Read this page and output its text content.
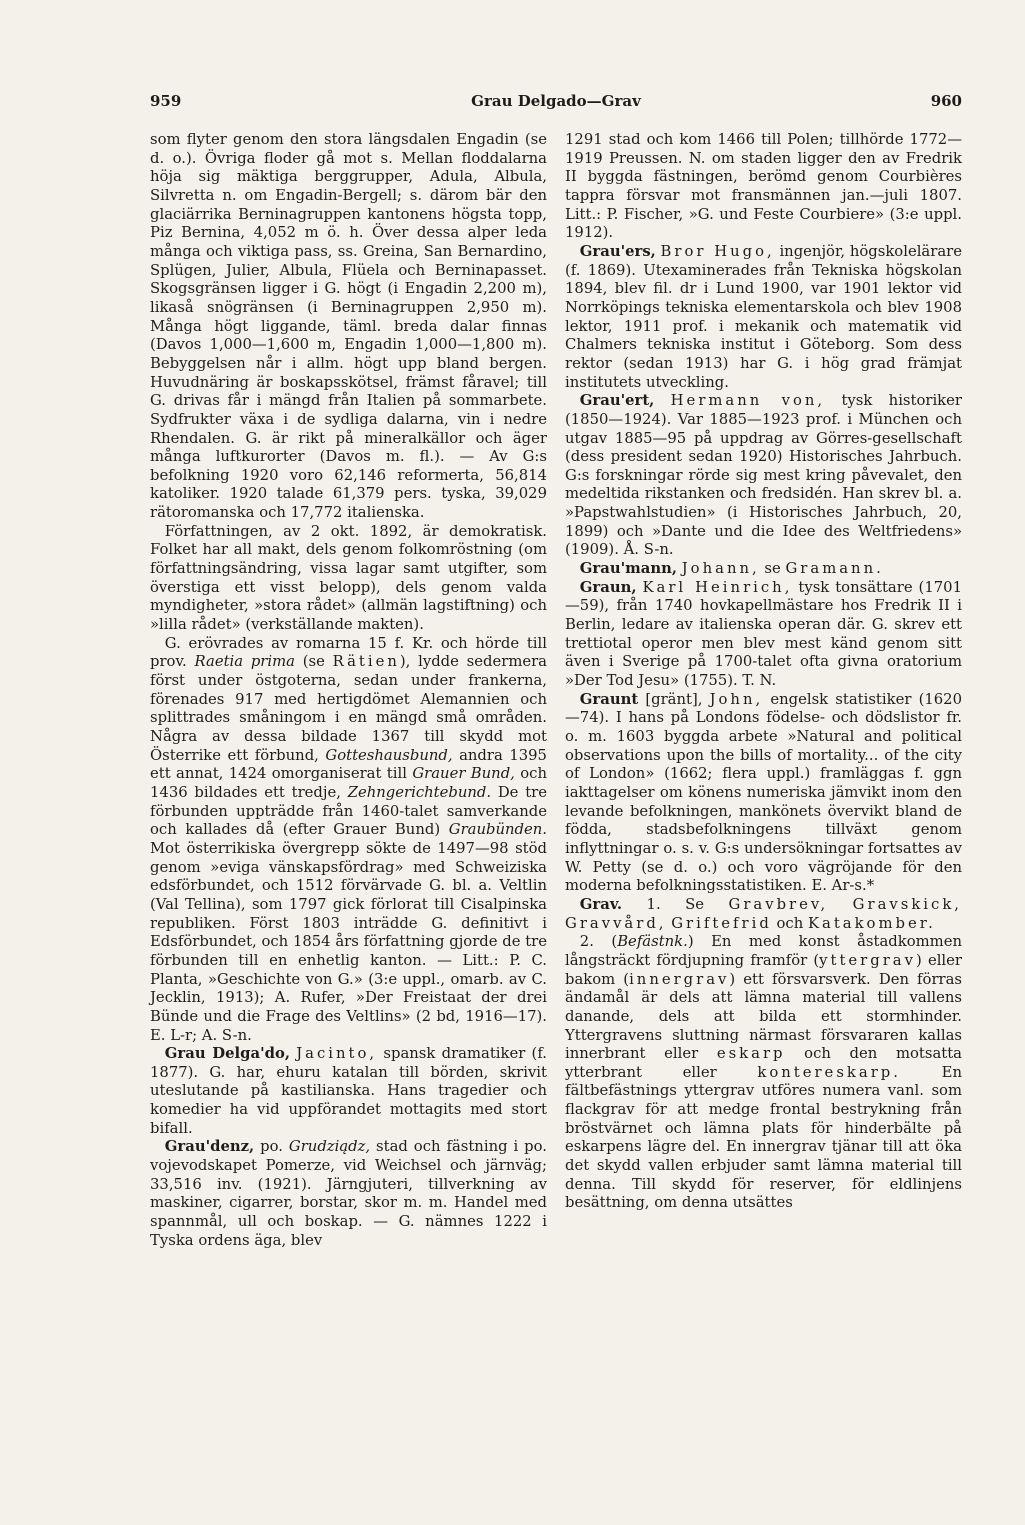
959	Grau Delgado—Grav	960

som flyter genom den stora längsdalen Engadin (se d. o.). Övriga floder gå mot s. Mellan floddalarna höja sig mäktiga berggrupper, Adula, Albula, Silvretta n. om Engadin-Bergell; s. därom bär den glaciärrika Berninagruppen kantonens högsta topp, Piz Bernina, 4,052 m ö. h. Över dessa alper leda många och viktiga pass, ss. Greina, San Bernardino, Splügen, Julier, Albula, Flüela och Berninapasset. Skogsgränsen ligger i G. högt (i Engadin 2,200 m), likaså snögränsen (i Berninagruppen 2,950 m). Många högt liggande, täml. breda dalar finnas (Davos 1,000—1,600 m, Engadin 1,000—1,800 m). Bebyggelsen når i allm. högt upp bland bergen. Huvudnäring är boskapsskötsel, främst fåravel; till G. drivas får i mängd från Italien på sommarbete. Sydfrukter växa i de sydliga dalarna, vin i nedre Rhendalen. G. är rikt på mineralkällor och äger många luftkurorter (Davos m. fl.). — Av G:s befolkning 1920 voro 62,146 reformerta, 56,814 katoliker. 1920 talade 61,379 pers. tyska, 39,029 rätoromanska och 17,772 italienska.

 Författningen, av 2 okt. 1892, är demokratisk. Folket har all makt, dels genom folkomröstning (om författningsändring, vissa lagar samt utgifter, som överstiga ett visst belopp), dels genom valda myndigheter, »stora rådet» (allmän lagstiftning) och »lilla rådet» (verkställande makten).

 G. erövrades av romarna 15 f. Kr. och hörde till prov. Raetia prima (se Rätien), lydde sedermera först under östgoterna, sedan under frankerna, förenades 917 med hertigdömet Alemannien och splittrades småningom i en mängd små områden. Några av dessa bildade 1367 till skydd mot Österrike ett förbund, Gotteshausbund, andra 1395 ett annat, 1424 omorganiserat till Grauer Bund, och 1436 bildades ett tredje, Zehngerichtebund. De tre förbunden uppträdde från 1460-talet samverkande och kallades då (efter Grauer Bund) Graubünden. Mot österrikiska övergrepp sökte de 1497—98 stöd genom »eviga vänskapsfördrag» med Schweiziska edsförbundet, och 1512 förvärvade G. bl. a. Veltlin (Val Tellina), som 1797 gick förlorat till Cisalpinska republiken. Först 1803 inträdde G. definitivt i Edsförbundet, och 1854 års författning gjorde de tre förbunden till en enhetlig kanton. — Litt.: P. C. Planta, »Geschichte von G.» (3:e uppl., omarb. av C. Jecklin, 1913); A. Rufer, »Der Freistaat der drei Bünde und die Frage des Veltlins» (2 bd, 1916—17). E. L-r; A. S-n.

 Grau Delga'do, Jacinto, spansk dramatiker (f. 1877). G. har, ehuru katalan till börden, skrivit uteslutande på kastilianska. Hans tragedier och komedier ha vid uppförandet mottagits med stort bifall.

 Grau'denz, po. Grudziądz, stad och fästning i po. vojevodskapet Pomerze, vid Weichsel och järnväg; 33,516 inv. (1921). Järngjuteri, tillverkning av maskiner, cigarrer, borstar, skor m. m. Handel med spannmål, ull och boskap. — G. nämnes 1222 i Tyska ordens äga, blev

1291 stad och kom 1466 till Polen; tillhörde 1772—1919 Preussen. N. om staden ligger den av Fredrik II byggda fästningen, berömd genom Courbières tappra försvar mot fransmännen jan.—juli 1807. Litt.: P. Fischer, »G. und Feste Courbiere» (3:e uppl. 1912).

 Grau'ers, Bror Hugo, ingenjör, högskolelärare (f. 1869). Utexaminerades från Tekniska högskolan 1894, blev fil. dr i Lund 1900, var 1901 lektor vid Norrköpings tekniska elementarskola och blev 1908 lektor, 1911 prof. i mekanik och matematik vid Chalmers tekniska institut i Göteborg. Som dess rektor (sedan 1913) har G. i hög grad främjat institutets utveckling.

 Grau'ert, Hermann von, tysk historiker (1850—1924). Var 1885—1923 prof. i München och utgav 1885—95 på uppdrag av Görres-gesellschaft (dess president sedan 1920) Historisches Jahrbuch. G:s forskningar rörde sig mest kring påvevalet, den medeltida rikstanken och fredsidén. Han skrev bl. a. »Papstwahlstudien» (i Historisches Jahrbuch, 20, 1899) och »Dante und die Idee des Weltfriedens» (1909). Å. S-n.

 Grau'mann, Johann, se Gramann.

 Graun, Karl Heinrich, tysk tonsättare (1701—59), från 1740 hovkapellmästare hos Fredrik II i Berlin, ledare av italienska operan där. G. skrev ett trettiotal operor men blev mest känd genom sitt även i Sverige på 1700-talet ofta givna oratorium »Der Tod Jesu» (1755). T. N.

 Graunt [gränt], John, engelsk statistiker (1620—74). I hans på Londons födelse- och dödslistor fr. o. m. 1603 byggda arbete »Natural and political observations upon the bills of mortality... of the city of London» (1662; flera uppl.) framläggas f. ggn iakttagelser om könens numeriska jämvikt inom den levande befolkningen, mankönets övervikt bland de födda, stadsbefolkningens tillväxt genom inflyttningar o. s. v. G:s undersökningar fortsattes av W. Petty (se d. o.) och voro vägröjande för den moderna befolkningsstatistiken. E. Ar-s.*

 Grav. 1. Se Gravbrev, Gravskick, Gravvård, Griftefrid och Katakomber.

 2. (Befästnk.) En med konst åstadkommen långsträckt fördjupning framför (yttergrav) eller bakom (innergrav) ett försvarsverk. Den förras ändamål är dels att lämna material till vallens danande, dels att bilda ett stormhinder. Yttergravens sluttning närmast försvararen kallas innerbrant eller eskarp och den motsatta ytterbrant eller kontereskarp. En fältbefästnings yttergrav utföres numera vanl. som flackgrav för att medge frontal bestrykning från bröstvärnet och lämna plats för hinderbälte på eskarpens lägre del. En innergrav tjänar till att öka det skydd vallen erbjuder samt lämna material till denna. Till skydd för reserver, för eldlinjens besättning, om denna utsättes
